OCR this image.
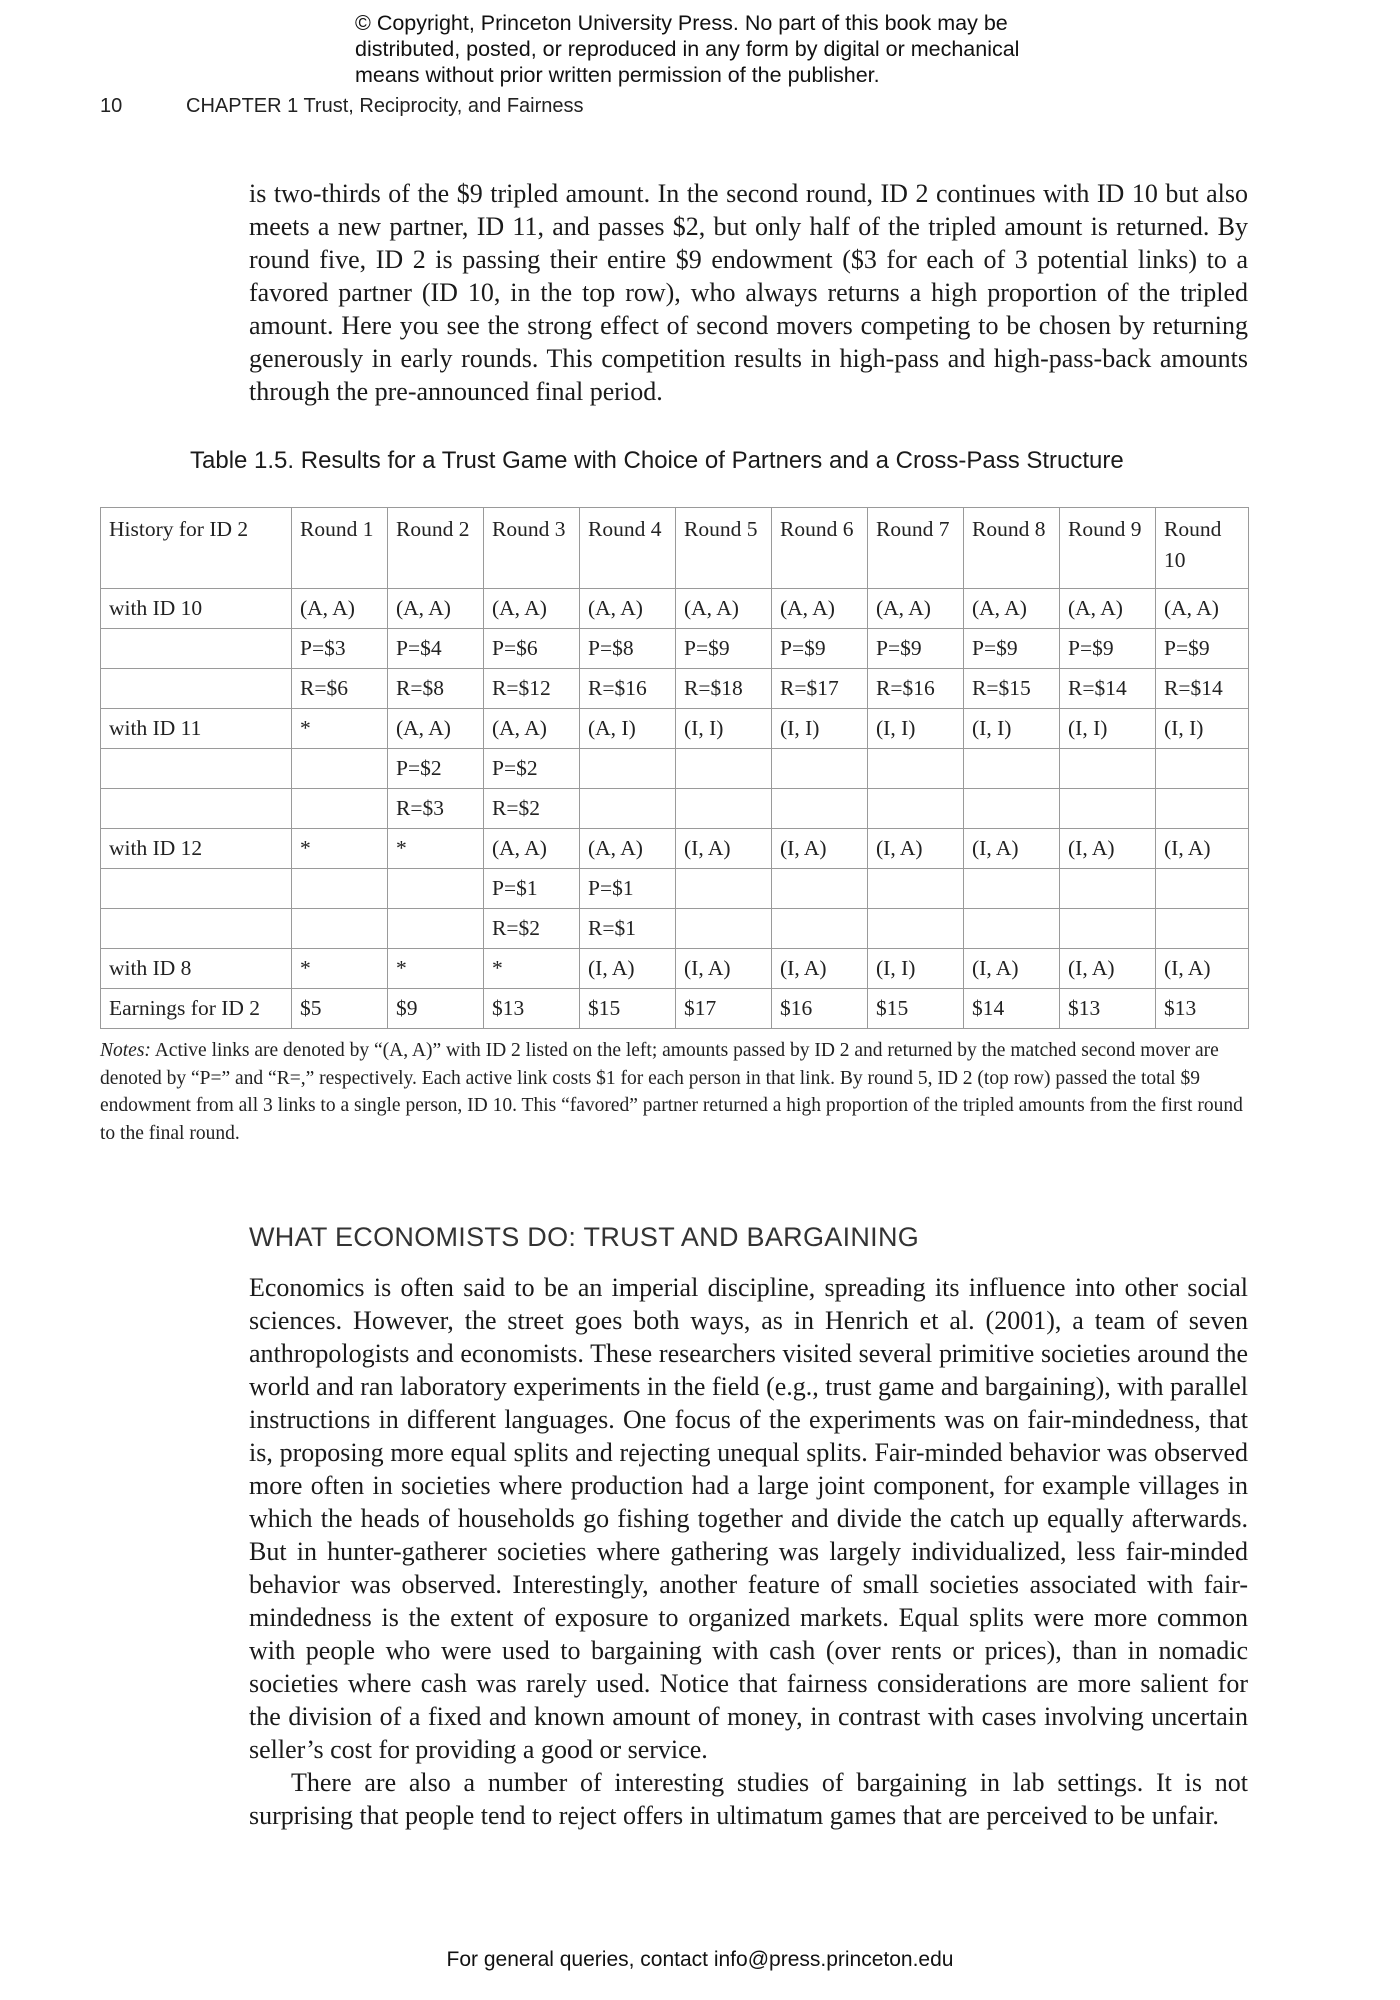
© Copyright, Princeton University Press. No part of this book may be
distributed, posted, or reproduced in any form by digital or mechanical
means without prior written permission of the publisher.
10	CHAPTER 1 Trust, Reciprocity, and Fairness

is two-thirds of the $9 tripled amount. In the second round, ID 2 continues with ID 10 but also meets a new partner, ID 11, and passes $2, but only half of the tripled amount is returned. By round five, ID 2 is passing their entire $9 endowment ($3 for each of 3 potential links) to a favored partner (ID 10, in the top row), who always returns a high proportion of the tripled amount. Here you see the strong effect of second movers competing to be chosen by returning generously in early rounds. This competition results in high-pass and high-pass-back amounts through the pre-announced final period.

Table 1.5. Results for a Trust Game with Choice of Partners and a Cross-Pass Structure
History for ID 2	Round 1	Round 2	Round 3	Round 4	Round 5	Round 6	Round 7	Round 8	Round 9	Round 10
with ID 10	(A, A)	(A, A)	(A, A)	(A, A)	(A, A)	(A, A)	(A, A)	(A, A)	(A, A)	(A, A)
	P=$3	P=$4	P=$6	P=$8	P=$9	P=$9	P=$9	P=$9	P=$9	P=$9
	R=$6	R=$8	R=$12	R=$16	R=$18	R=$17	R=$16	R=$15	R=$14	R=$14
with ID 11	*	(A, A)	(A, A)	(A, I)	(I, I)	(I, I)	(I, I)	(I, I)	(I, I)	(I, I)
		P=$2	P=$2							
		R=$3	R=$2							
with ID 12	*	*	(A, A)	(A, A)	(I, A)	(I, A)	(I, A)	(I, A)	(I, A)	(I, A)
			P=$1	P=$1						
			R=$2	R=$1						
with ID 8	*	*	*	(I, A)	(I, A)	(I, A)	(I, I)	(I, A)	(I, A)	(I, A)
Earnings for ID 2	$5	$9	$13	$15	$17	$16	$15	$14	$13	$13
Notes: Active links are denoted by “(A, A)” with ID 2 listed on the left; amounts passed by ID 2 and returned by the matched second mover are denoted by “P=” and “R=,” respectively. Each active link costs $1 for each person in that link. By round 5, ID 2 (top row) passed the total $9 endowment from all 3 links to a single person, ID 10. This “favored” partner returned a high proportion of the tripled amounts from the first round to the final round.
WHAT ECONOMISTS DO: TRUST AND BARGAINING

Economics is often said to be an imperial discipline, spreading its influence into other social sciences. However, the street goes both ways, as in Henrich et al. (2001), a team of seven anthropologists and economists. These researchers visited several primitive societies around the world and ran laboratory experiments in the field (e.g., trust game and bargaining), with parallel instructions in different languages. One focus of the experiments was on fair-mindedness, that is, proposing more equal splits and rejecting unequal splits. Fair-minded behavior was observed more often in societies where production had a large joint component, for example villages in which the heads of households go fishing together and divide the catch up equally afterwards. But in hunter-gatherer societies where gathering was largely individualized, less fair-minded behavior was observed. Interestingly, another feature of small societies associated with fair-mindedness is the extent of exposure to organized markets. Equal splits were more common with people who were used to bargaining with cash (over rents or prices), than in nomadic societies where cash was rarely used. Notice that fairness considerations are more salient for the division of a fixed and known amount of money, in contrast with cases involving uncertain seller’s cost for providing a good or service.

There are also a number of interesting studies of bargaining in lab settings. It is not surprising that people tend to reject offers in ultimatum games that are perceived to be unfair.

For general queries, contact info@press.princeton.edu
